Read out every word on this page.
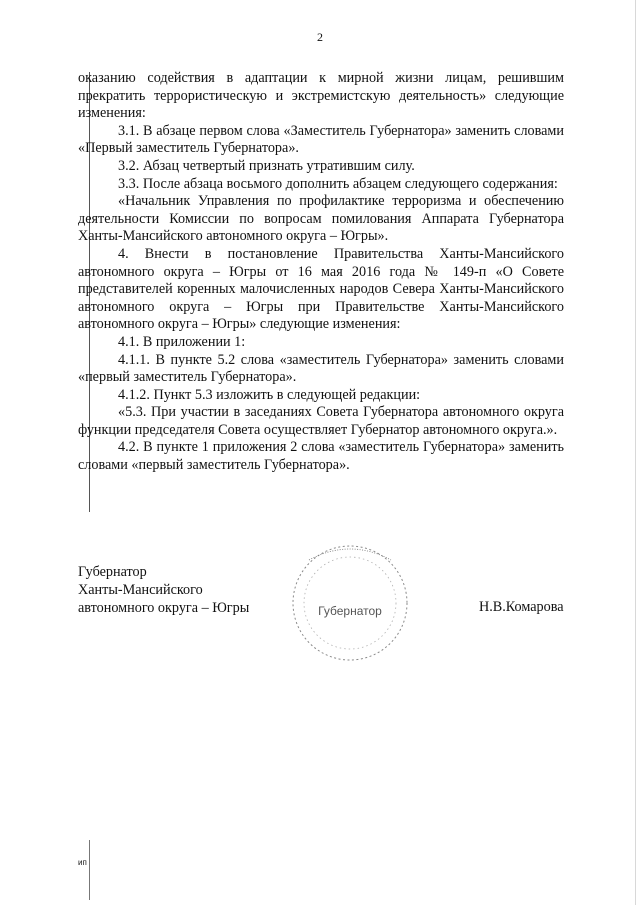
2

оказанию содействия в адаптации к мирной жизни лицам, решившим прекратить террористическую и экстремистскую деятельность» следующие изменения:

3.1. В абзаце первом слова «Заместитель Губернатора» заменить словами «Первый заместитель Губернатора».

3.2. Абзац четвертый признать утратившим силу.

3.3. После абзаца восьмого дополнить абзацем следующего содержания:

«Начальник Управления по профилактике терроризма и обеспечению деятельности Комиссии по вопросам помилования Аппарата Губернатора Ханты-Мансийского автономного округа – Югры».

4. Внести в постановление Правительства Ханты-Мансийского автономного округа – Югры от 16 мая 2016 года № 149-п «О Совете представителей коренных малочисленных народов Севера Ханты-Мансийского автономного округа – Югры при Правительстве Ханты-Мансийского автономного округа – Югры» следующие изменения:

4.1. В приложении 1:

4.1.1. В пункте 5.2 слова «заместитель Губернатора» заменить словами «первый заместитель Губернатора».

4.1.2. Пункт 5.3 изложить в следующей редакции:

«5.3. При участии в заседаниях Совета Губернатора автономного округа функции председателя Совета осуществляет Губернатор автономного округа.».

4.2. В пункте 1 приложения 2 слова «заместитель Губернатора» заменить словами «первый заместитель Губернатора».

Губернатор
Ханты-Мансийского
автономного округа – Югры	Губернатор	Н.В.Комарова
ип
